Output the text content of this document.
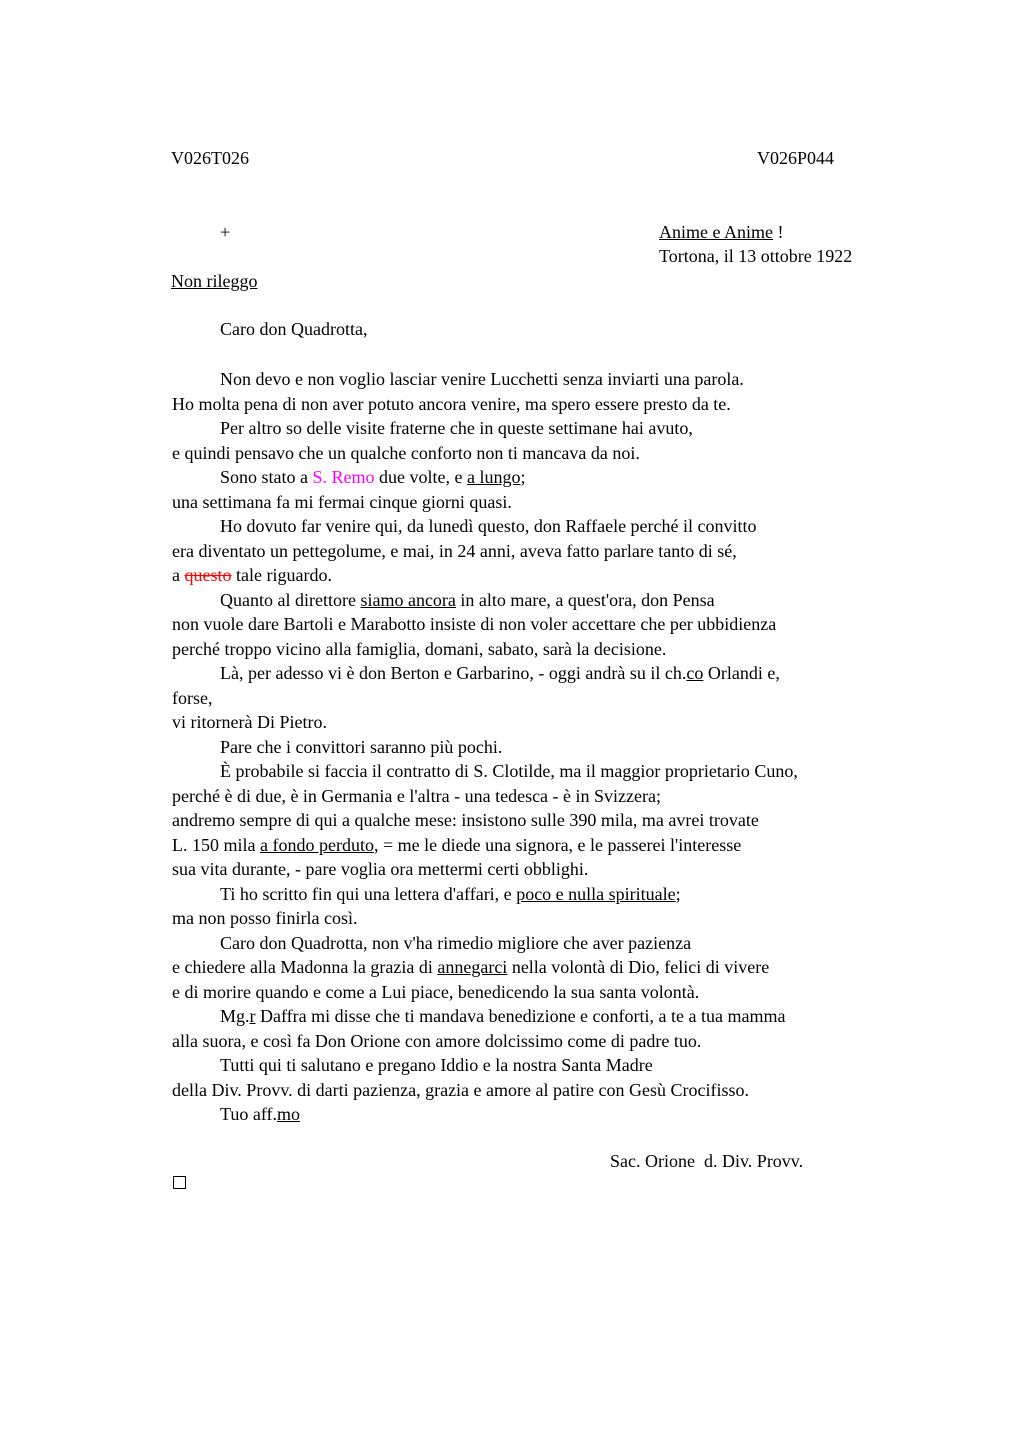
V026T026	V026P044
+	Anime e Anime !
Tortona, il 13 ottobre 1922
Non rileggo
Caro don Quadrotta,
Non devo e non voglio lasciar venire Lucchetti senza inviarti una parola.
Ho molta pena di non aver potuto ancora venire, ma spero essere presto da te.
Per altro so delle visite fraterne che in queste settimane hai avuto,
e quindi pensavo che un qualche conforto non ti mancava da noi.
Sono stato a S. Remo due volte, e a lungo;
una settimana fa mi fermai cinque giorni quasi.
Ho dovuto far venire qui, da lunedì questo, don Raffaele perché il convitto
era diventato un pettegolume, e mai, in 24 anni, aveva fatto parlare tanto di sé,
a questo tale riguardo.
Quanto al direttore siamo ancora in alto mare, a quest'ora, don Pensa
non vuole dare Bartoli e Marabotto insiste di non voler accettare che per ubbidienza
perché troppo vicino alla famiglia, domani, sabato, sarà la decisione.
Là, per adesso vi è don Berton e Garbarino, - oggi andrà su il ch.co Orlandi e,
forse,
vi ritornerà Di Pietro.
Pare che i convittori saranno più pochi.
È probabile si faccia il contratto di S. Clotilde, ma il maggior proprietario Cuno,
perché è di due, è in Germania e l'altra - una tedesca - è in Svizzera;
andremo sempre di qui a qualche mese: insistono sulle 390 mila, ma avrei trovate
L. 150 mila a fondo perduto, = me le diede una signora, e le passerei l'interesse
sua vita durante, - pare voglia ora mettermi certi obblighi.
Ti ho scritto fin qui una lettera d'affari, e poco e nulla spirituale;
ma non posso finirla così.
Caro don Quadrotta, non v'ha rimedio migliore che aver pazienza
e chiedere alla Madonna la grazia di annegarci nella volontà di Dio, felici di vivere
e di morire quando e come a Lui piace, benedicendo la sua santa volontà.
Mg.r Daffra mi disse che ti mandava benedizione e conforti, a te a tua mamma
alla suora, e così fa Don Orione con amore dolcissimo come di padre tuo.
Tutti qui ti salutano e pregano Iddio e la nostra Santa Madre
della Div. Provv. di darti pazienza, grazia e amore al patire con Gesù Crocifisso.
Tuo aff.mo
Sac. Orione  d. Div. Provv.
